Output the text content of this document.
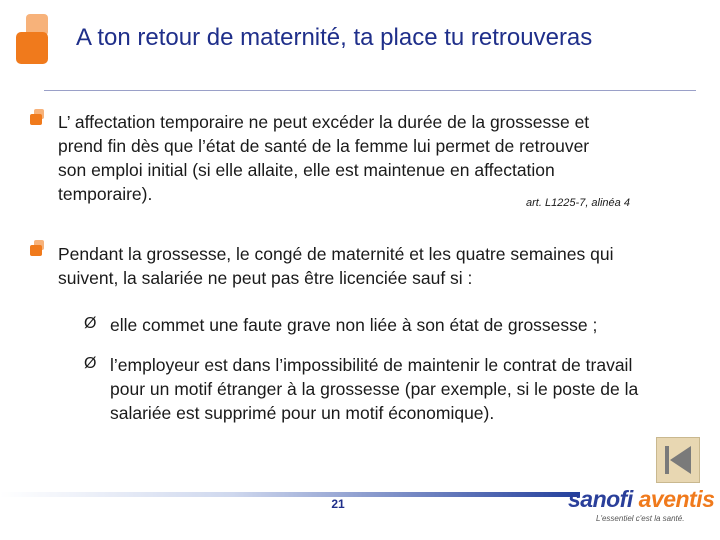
A ton retour de maternité, ta place tu retrouveras
L’ affectation temporaire ne peut excéder la durée de la grossesse et
prend fin dès que l’état de santé de la femme lui permet de retrouver
son emploi initial (si elle allaite, elle est maintenue en affectation
temporaire).	art. L1225-7, alinéa 4
Pendant la grossesse, le congé de maternité et les quatre semaines qui
suivent, la salariée ne peut pas être licenciée sauf si :
Ø elle commet une faute grave non liée à son état de grossesse ;
Ø l’employeur est dans l’impossibilité de maintenir le contrat de travail
pour un motif étranger à la grossesse (par exemple, si le poste de la
salariée est supprimé pour un motif économique).
21	sanofi aventis
L'essentiel c'est la santé.
